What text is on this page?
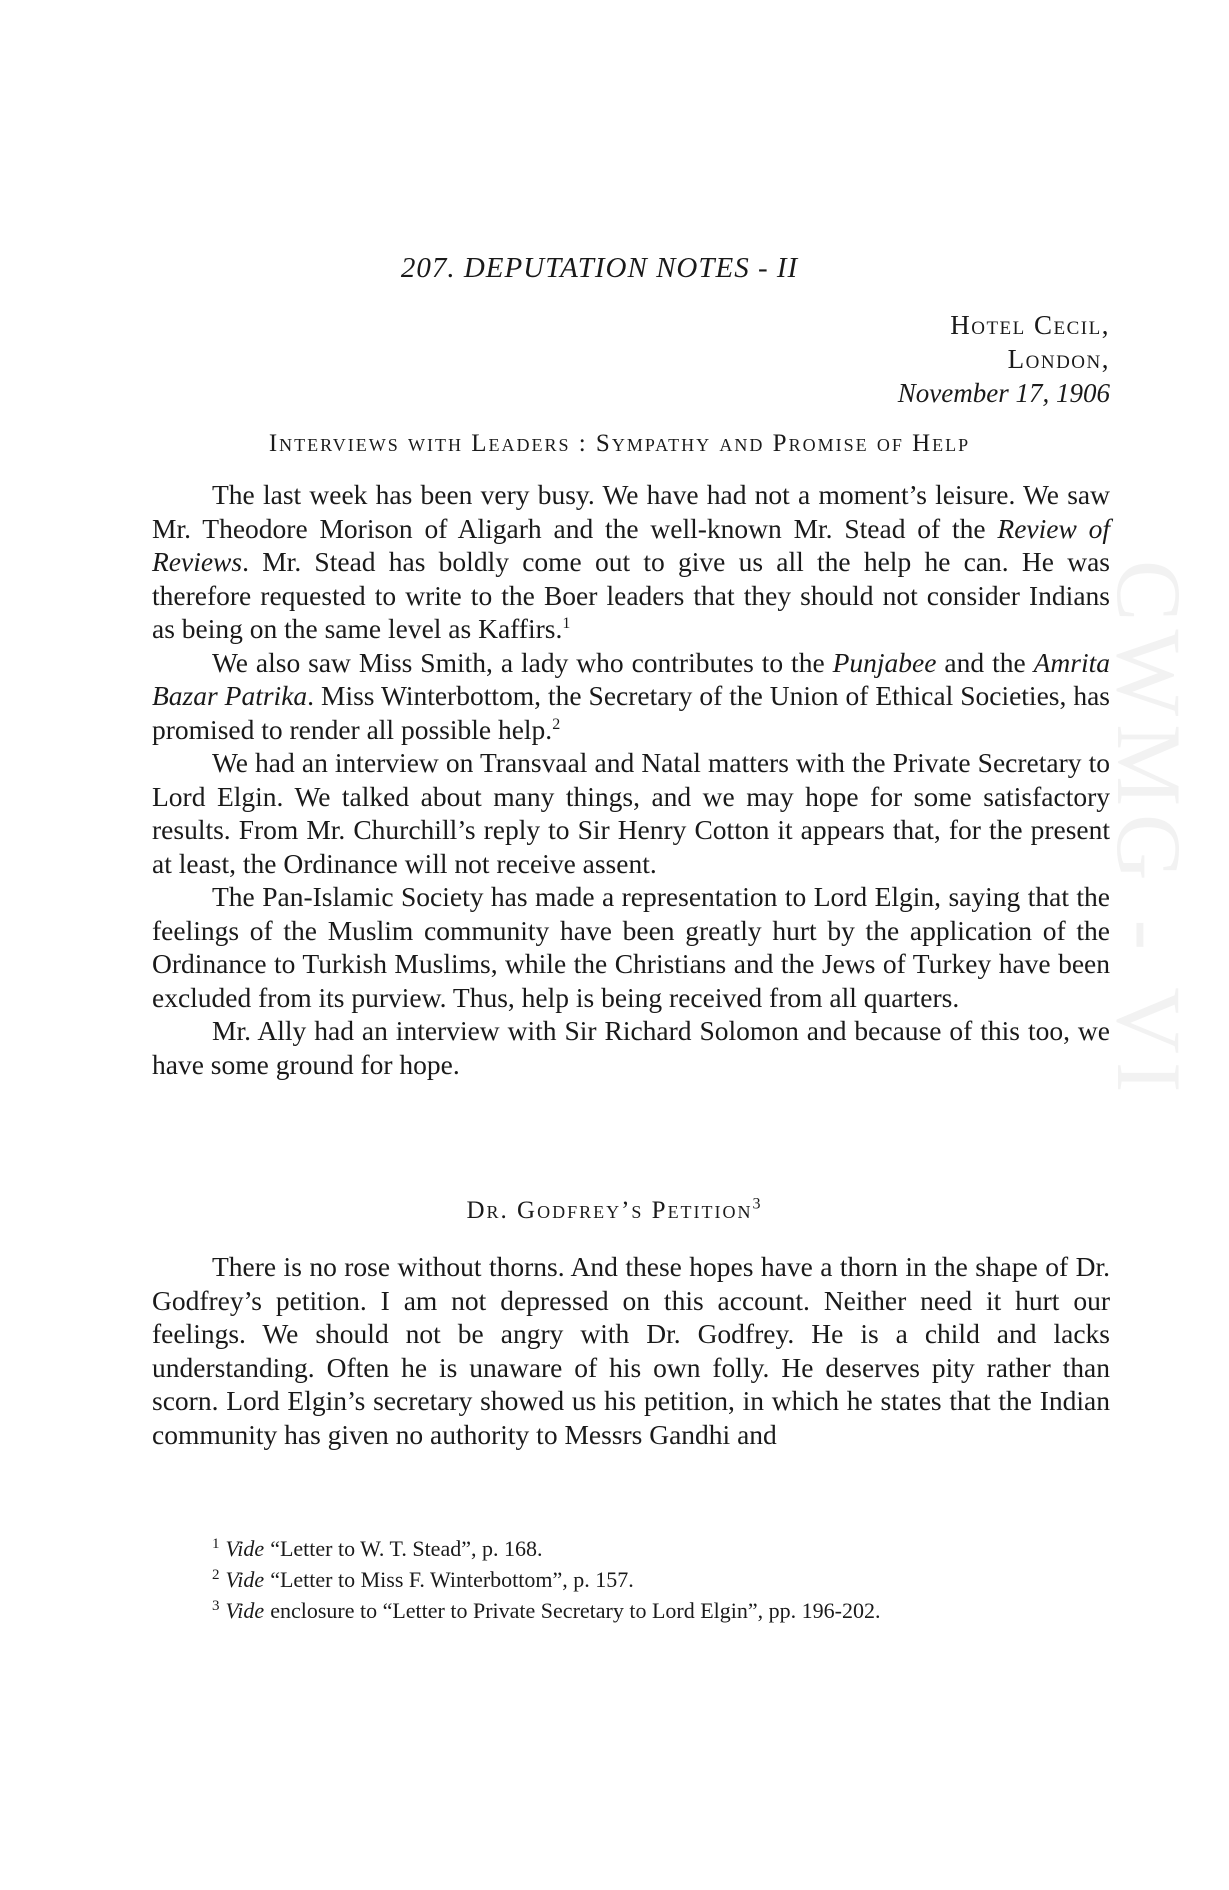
CWMG - VI
207. DEPUTATION NOTES - II
Hotel Cecil,
London,
November 17, 1906
Interviews with Leaders : Sympathy and Promise of Help

The last week has been very busy. We have had not a moment’s leisure. We saw Mr. Theodore Morison of Aligarh and the well-known Mr. Stead of the Review of Reviews. Mr. Stead has boldly come out to give us all the help he can. He was therefore requested to write to the Boer leaders that they should not consider Indians as being on the same level as Kaffirs.$^1$

We also saw Miss Smith, a lady who contributes to the Punjabee and the Amrita Bazar Patrika. Miss Winterbottom, the Secretary of the Union of Ethical Societies, has promised to render all possible help.$^2$

We had an interview on Transvaal and Natal matters with the Private Secretary to Lord Elgin. We talked about many things, and we may hope for some satisfactory results. From Mr. Churchill’s reply to Sir Henry Cotton it appears that, for the present at least, the Ordinance will not receive assent.

The Pan-Islamic Society has made a representation to Lord Elgin, saying that the feelings of the Muslim community have been greatly hurt by the application of the Ordinance to Turkish Muslims, while the Christians and the Jews of Turkey have been excluded from its purview. Thus, help is being received from all quarters.

Mr. Ally had an interview with Sir Richard Solomon and because of this too, we have some ground for hope.

Dr. Godfrey’s Petition$^3$

There is no rose without thorns. And these hopes have a thorn in the shape of Dr. Godfrey’s petition. I am not depressed on this account. Neither need it hurt our feelings. We should not be angry with Dr. Godfrey. He is a child and lacks understanding. Often he is unaware of his own folly. He deserves pity rather than scorn. Lord Elgin’s secretary showed us his petition, in which he states that the Indian community has given no authority to Messrs Gandhi and

$^1$ Vide “Letter to W. T. Stead”, p. 168.
$^2$ Vide “Letter to Miss F. Winterbottom”, p. 157.
$^3$ Vide enclosure to “Letter to Private Secretary to Lord Elgin”, pp. 196-202.
